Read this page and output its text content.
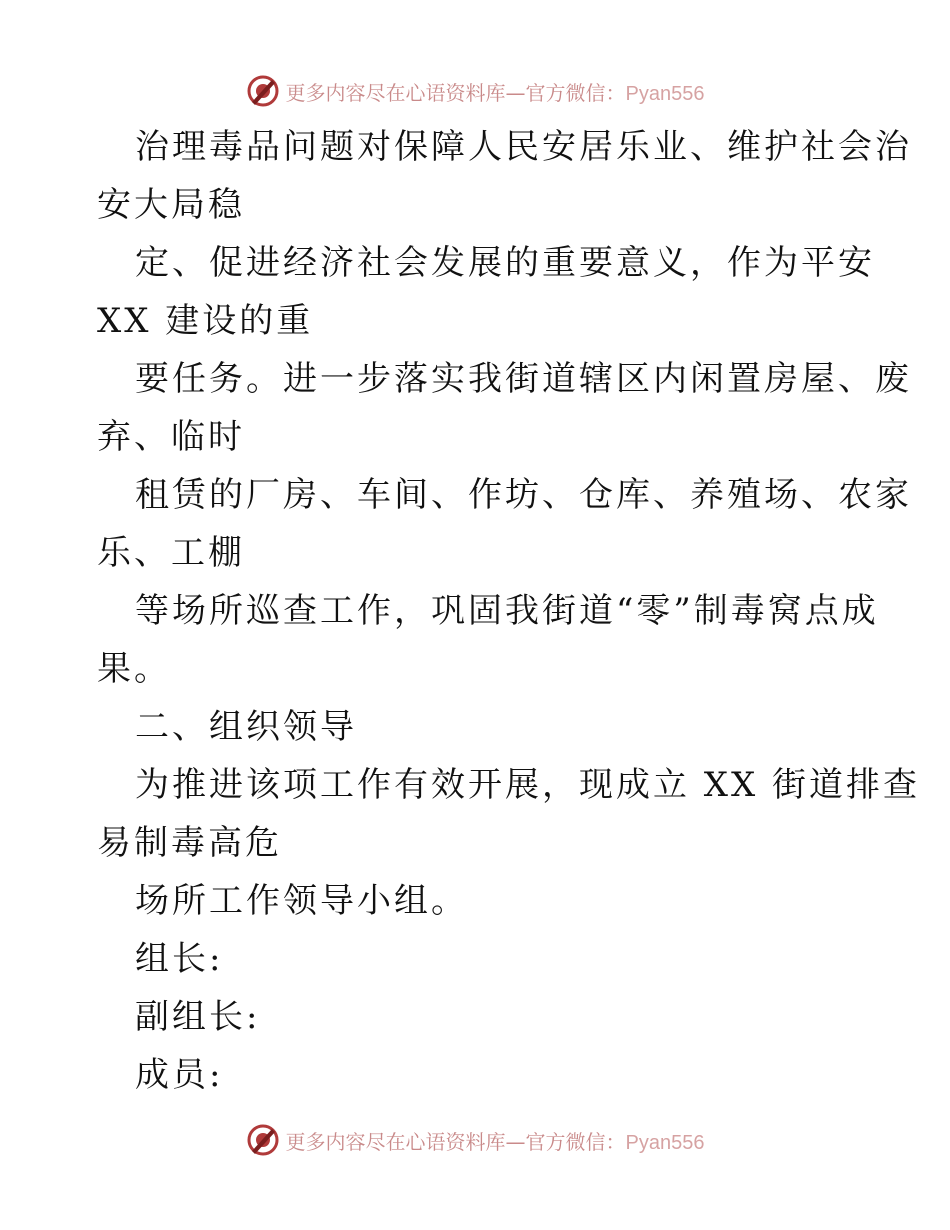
更多内容尽在心语资料库—官方微信：Pyan556
治理毒品问题对保障人民安居乐业、维护社会治
安大局稳
定、促进经济社会发展的重要意义，作为平安
XX 建设的重
要任务。进一步落实我街道辖区内闲置房屋、废
弃、临时
租赁的厂房、车间、作坊、仓库、养殖场、农家
乐、工棚
等场所巡查工作，巩固我街道“零”制毒窝点成
果。
二、组织领导
为推进该项工作有效开展，现成立 XX 街道排查
易制毒高危
场所工作领导小组。
组长:
副组长:
成员:
更多内容尽在心语资料库—官方微信：Pyan556
